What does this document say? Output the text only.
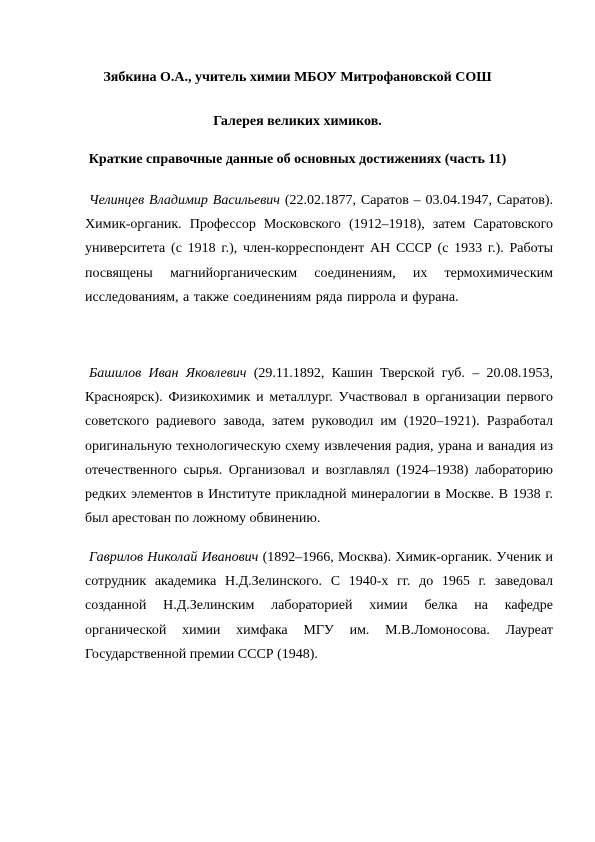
Зябкина О.А., учитель химии МБОУ Митрофановской СОШ
Галерея великих химиков.
Краткие справочные данные об основных достижениях (часть 11)

Челинцев Владимир Васильевич (22.02.1877, Саратов – 03.04.1947, Саратов). Химик-органик. Профессор Московского (1912–1918), затем Саратовского университета (с 1918 г.), член-корреспондент АН СССР (с 1933 г.). Работы посвящены магнийорганическим соединениям, их термохимическим исследованиям, а также соединениям ряда пиррола и фурана.

Башилов Иван Яковлевич (29.11.1892, Кашин Тверской губ. – 20.08.1953, Красноярск). Физикохимик и металлург. Участвовал в организации первого советского радиевого завода, затем руководил им (1920–1921). Разработал оригинальную технологическую схему извлечения радия, урана и ванадия из отечественного сырья. Организовал и возглавлял (1924–1938) лабораторию редких элементов в Институте прикладной минералогии в Москве. В 1938 г. был арестован по ложному обвинению.

Гаврилов Николай Иванович (1892–1966, Москва). Химик-органик. Ученик и сотрудник академика Н.Д.Зелинского. С 1940-х гг. до 1965 г. заведовал созданной Н.Д.Зелинским лабораторией химии белка на кафедре органической химии химфака МГУ им. М.В.Ломоносова. Лауреат Государственной премии СССР (1948).
